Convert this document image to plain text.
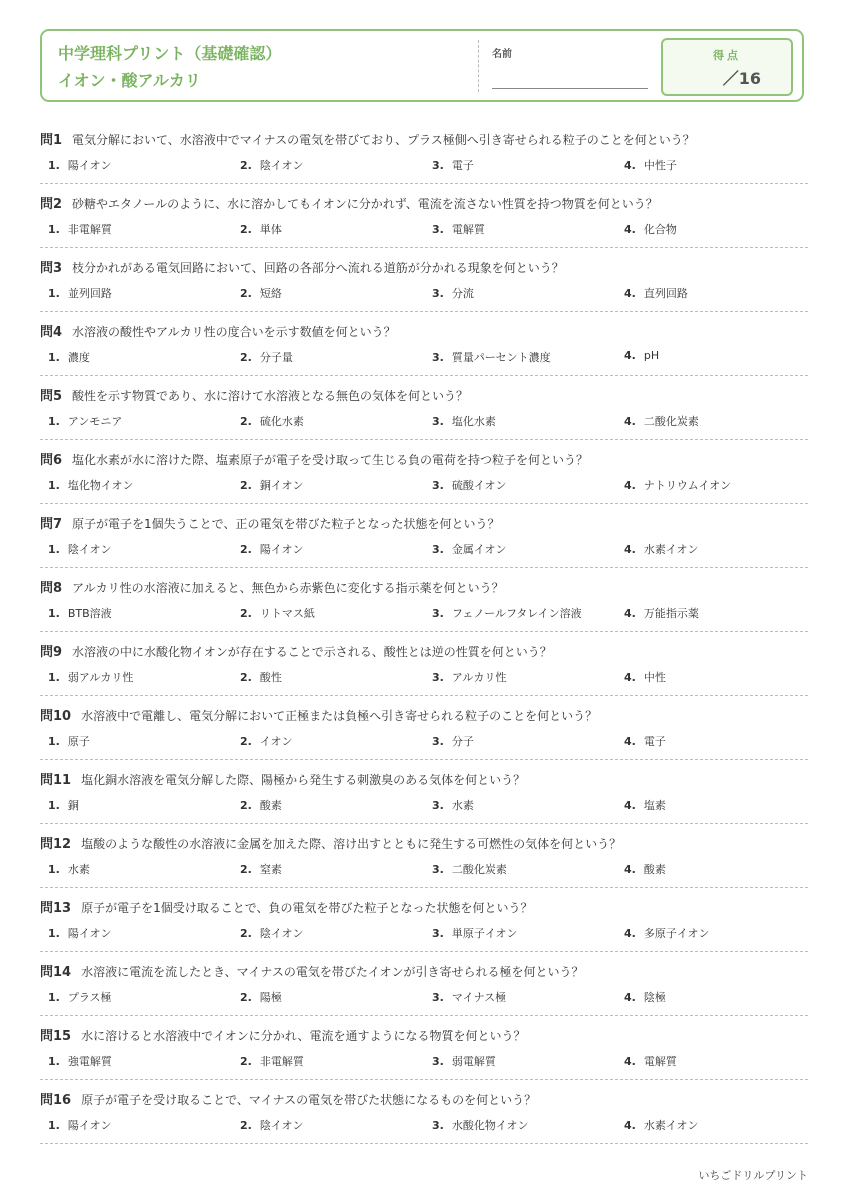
中学理科プリント（基礎確認）
イオン・酸アルカリ
名前	得点
／16
問1 電気分解において、水溶液中でマイナスの電気を帯びており、プラス極側へ引き寄せられる粒子のことを何という？
1. 陽イオン	2. 陰イオン	3. 電子	4. 中性子
問2 砂糖やエタノールのように、水に溶かしてもイオンに分かれず、電流を流さない性質を持つ物質を何という？
1. 非電解質	2. 単体	3. 電解質	4. 化合物
問3 枝分かれがある電気回路において、回路の各部分へ流れる道筋が分かれる現象を何という？
1. 並列回路	2. 短絡	3. 分流	4. 直列回路
問4 水溶液の酸性やアルカリ性の度合いを示す数値を何という？
1. 濃度	2. 分子量	3. 質量パーセント濃度	4. pH
問5 酸性を示す物質であり、水に溶けて水溶液となる無色の気体を何という？
1. アンモニア	2. 硫化水素	3. 塩化水素	4. 二酸化炭素
問6 塩化水素が水に溶けた際、塩素原子が電子を受け取って生じる負の電荷を持つ粒子を何という？
1. 塩化物イオン	2. 銅イオン	3. 硫酸イオン	4. ナトリウムイオン
問7 原子が電子を1個失うことで、正の電気を帯びた粒子となった状態を何という？
1. 陰イオン	2. 陽イオン	3. 金属イオン	4. 水素イオン
問8 アルカリ性の水溶液に加えると、無色から赤紫色に変化する指示薬を何という？
1. BTB溶液	2. リトマス紙	3. フェノールフタレイン溶液	4. 万能指示薬
問9 水溶液の中に水酸化物イオンが存在することで示される、酸性とは逆の性質を何という？
1. 弱アルカリ性	2. 酸性	3. アルカリ性	4. 中性
問10 水溶液中で電離し、電気分解において正極または負極へ引き寄せられる粒子のことを何という？
1. 原子	2. イオン	3. 分子	4. 電子
問11 塩化銅水溶液を電気分解した際、陽極から発生する刺激臭のある気体を何という？
1. 銅	2. 酸素	3. 水素	4. 塩素
問12 塩酸のような酸性の水溶液に金属を加えた際、溶け出すとともに発生する可燃性の気体を何という？
1. 水素	2. 窒素	3. 二酸化炭素	4. 酸素
問13 原子が電子を1個受け取ることで、負の電気を帯びた粒子となった状態を何という？
1. 陽イオン	2. 陰イオン	3. 単原子イオン	4. 多原子イオン
問14 水溶液に電流を流したとき、マイナスの電気を帯びたイオンが引き寄せられる極を何という？
1. プラス極	2. 陽極	3. マイナス極	4. 陰極
問15 水に溶けると水溶液中でイオンに分かれ、電流を通すようになる物質を何という？
1. 強電解質	2. 非電解質	3. 弱電解質	4. 電解質
問16 原子が電子を受け取ることで、マイナスの電気を帯びた状態になるものを何という？
1. 陽イオン	2. 陰イオン	3. 水酸化物イオン	4. 水素イオン
いちごドリルプリント
